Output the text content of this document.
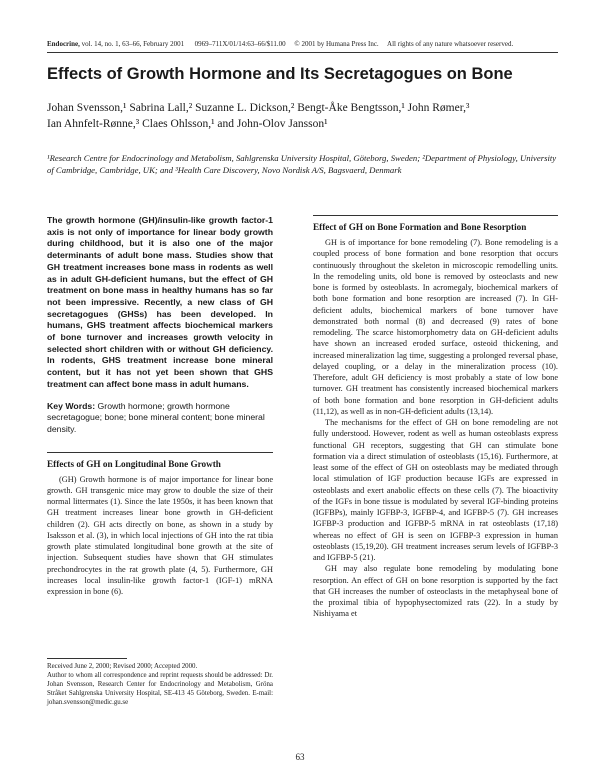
Endocrine, vol. 14, no. 1, 63–66, February 2001 0969–711X/01/14:63–66/$11.00 © 2001 by Humana Press Inc. All rights of any nature whatsoever reserved.
Effects of Growth Hormone and Its Secretagogues on Bone
Johan Svensson,¹ Sabrina Lall,² Suzanne L. Dickson,² Bengt-Åke Bengtsson,¹ John Rømer,³
Ian Ahnfelt-Rønne,³ Claes Ohlsson,¹ and John-Olov Jansson¹
¹Research Centre for Endocrinology and Metabolism, Sahlgrenska University Hospital, Göteborg, Sweden; ²Department of Physiology, University of Cambridge, Cambridge, UK; and ³Health Care Discovery, Novo Nordisk A/S, Bagsvaerd, Denmark

The growth hormone (GH)/insulin-like growth factor-1 axis is not only of importance for linear body growth during childhood, but it is also one of the major determinants of adult bone mass. Studies show that GH treatment increases bone mass in rodents as well as in adult GH-deficient humans, but the effect of GH treatment on bone mass in healthy humans has so far not been impressive. Recently, a new class of GH secretagogues (GHSs) has been developed. In humans, GHS treatment affects biochemical markers of bone turnover and increases growth velocity in selected short children with or without GH deficiency. In rodents, GHS treatment increase bone mineral content, but it has not yet been shown that GHS treatment can affect bone mass in adult humans.

Key Words: Growth hormone; growth hormone secretagogue; bone; bone mineral content; bone mineral density.

Effects of GH on Longitudinal Bone Growth

(GH) Growth hormone is of major importance for linear bone growth. GH transgenic mice may grow to double the size of their normal littermates (1). Since the late 1950s, it has been known that GH treatment increases linear bone growth in GH-deficient children (2). GH acts directly on bone, as shown in a study by Isaksson et al. (3), in which local injections of GH into the rat tibia growth plate stimulated longitudinal bone growth at the site of injection. Subsequent studies have shown that GH stimulates prechondrocytes in the rat growth plate (4, 5). Furthermore, GH increases local insulin-like growth factor-1 (IGF-1) mRNA expression in bone (6).

Received June 2, 2000; Revised 2000; Accepted 2000.
Author to whom all correspondence and reprint requests should be addressed: Dr. Johan Svensson, Research Center for Endocrinology and Metabolism, Gröna Stråket Sahlgrenska University Hospital, SE-413 45 Göteborg, Sweden. E-mail: johan.svensson@medic.gu.se
Effect of GH on Bone Formation and Bone Resorption

GH is of importance for bone remodeling (7). Bone remodeling is a coupled process of bone formation and bone resorption that occurs continuously throughout the skeleton in microscopic remodelling units. In the remodeling units, old bone is removed by osteoclasts and new bone is formed by osteoblasts. In acromegaly, biochemical markers of both bone formation and bone resorption are increased (7). In GH-deficient adults, biochemical markers of bone turnover have demonstrated both normal (8) and decreased (9) rates of bone remodeling. The scarce histomorphometry data on GH-deficient adults have shown an increased eroded surface, osteoid thickening, and increased mineralization lag time, suggesting a prolonged reversal phase, delayed coupling, or a delay in the mineralization process (10). Therefore, adult GH deficiency is most probably a state of low bone turnover. GH treatment has consistently increased biochemical markers of both bone formation and bone resorption in GH-deficient adults (11,12), as well as in non-GH-deficient adults (13,14).

The mechanisms for the effect of GH on bone remodeling are not fully understood. However, rodent as well as human osteoblasts express functional GH receptors, suggesting that GH can stimulate bone formation via a direct stimulation of osteoblasts (15,16). Furthermore, at least some of the effect of GH on osteoblasts may be mediated through local stimulation of IGF production because IGFs are expressed in osteoblasts and exert anabolic effects on these cells (7). The bioactivity of the IGFs in bone tissue is modulated by several IGF-binding proteins (IGFBPs), mainly IGFBP-3, IGFBP-4, and IGFBP-5 (7). GH increases IGFBP-3 production and IGFBP-5 mRNA in rat osteoblasts (17,18) whereas no effect of GH is seen on IGFBP-3 expression in human osteoblasts (15,19,20). GH treatment increases serum levels of IGFBP-3 and IGFBP-5 (21).

GH may also regulate bone remodeling by modulating bone resorption. An effect of GH on bone resorption is supported by the fact that GH increases the number of osteoclasts in the metaphyseal bone of the proximal tibia of hypophysectomized rats (22). In a study by Nishiyama et

63
